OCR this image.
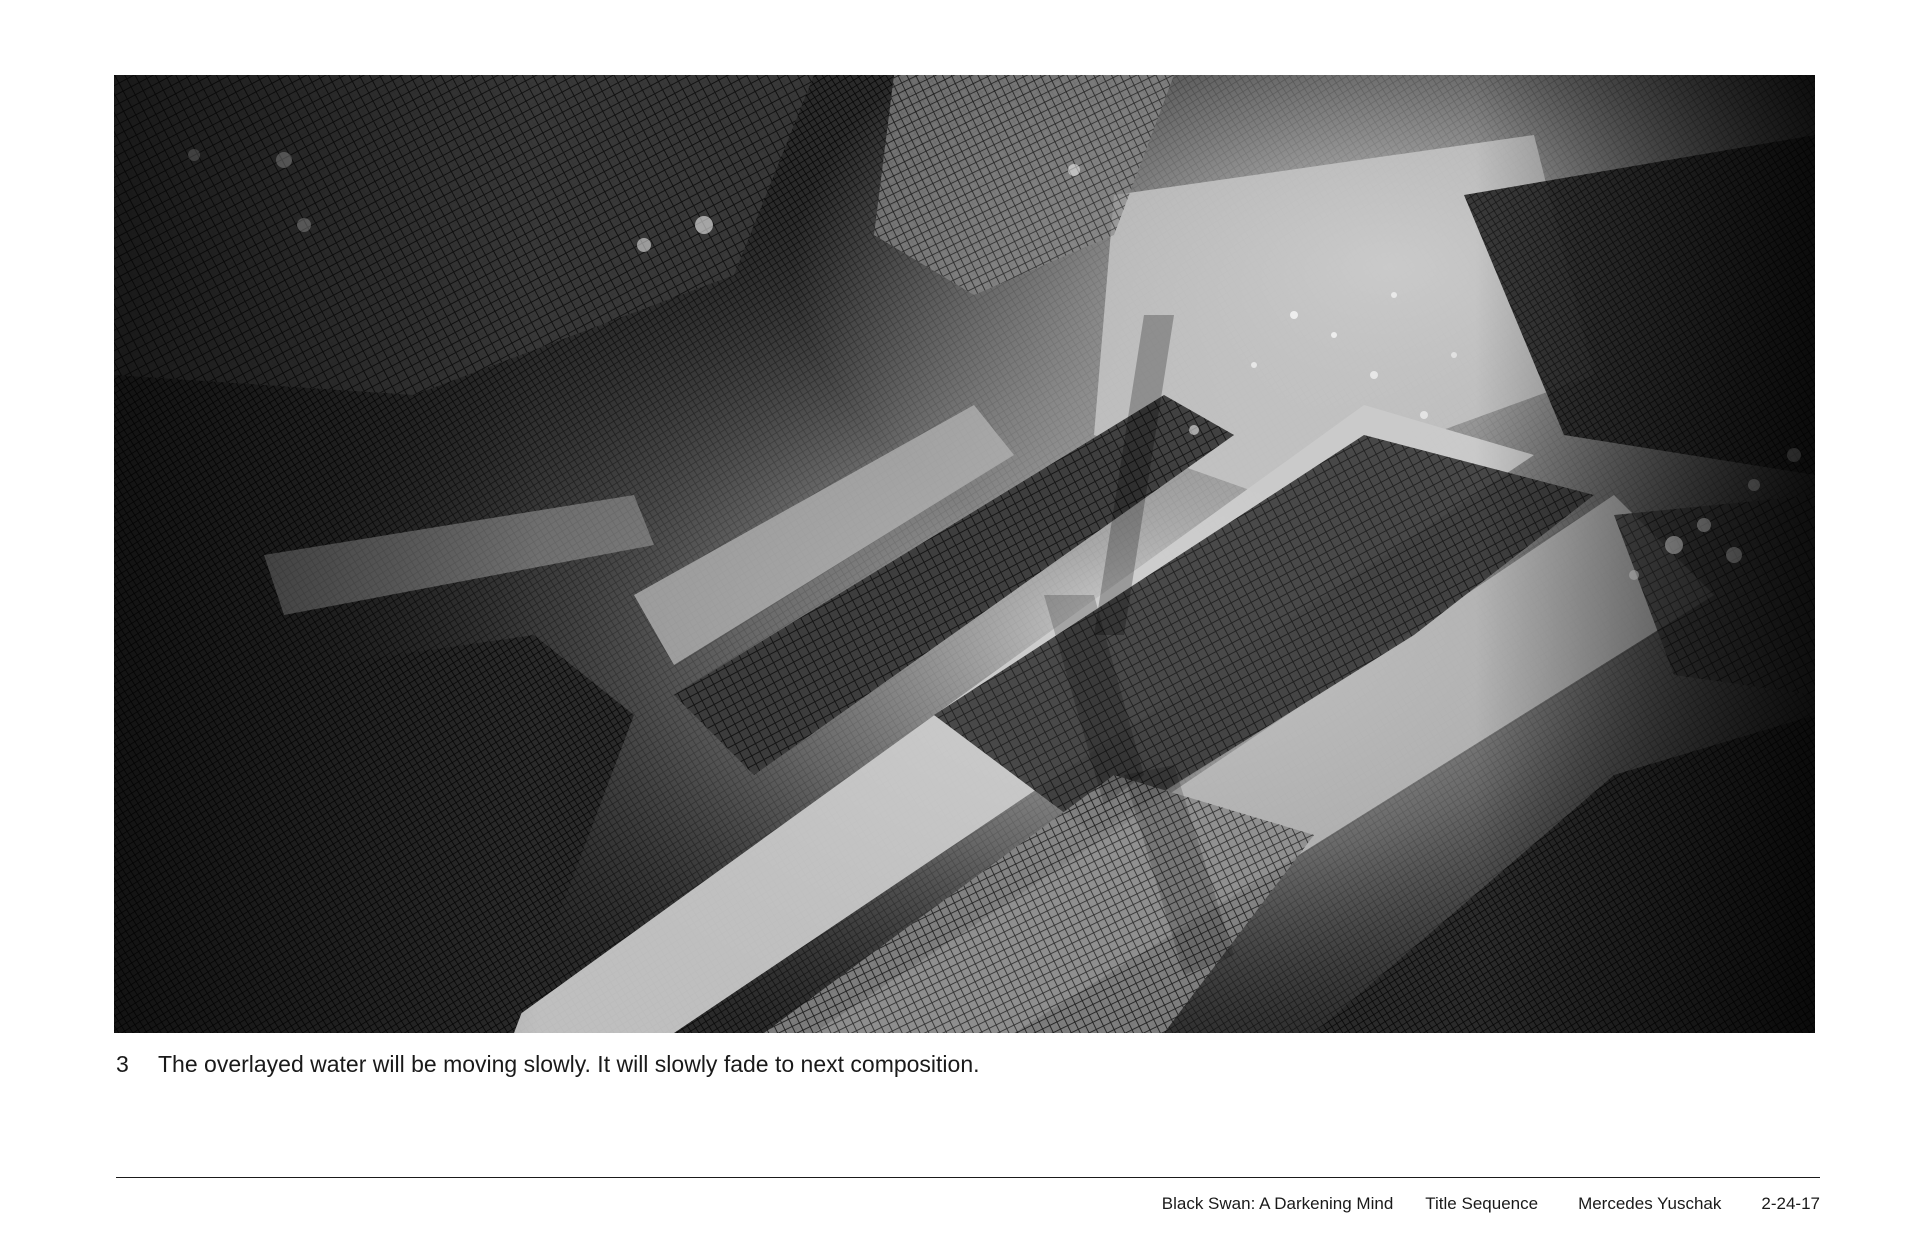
3 The overlayed water will be moving slowly. It will slowly fade to next composition.
Black Swan: A Darkening Mind Title Sequence Mercedes Yuschak 2-24-17
